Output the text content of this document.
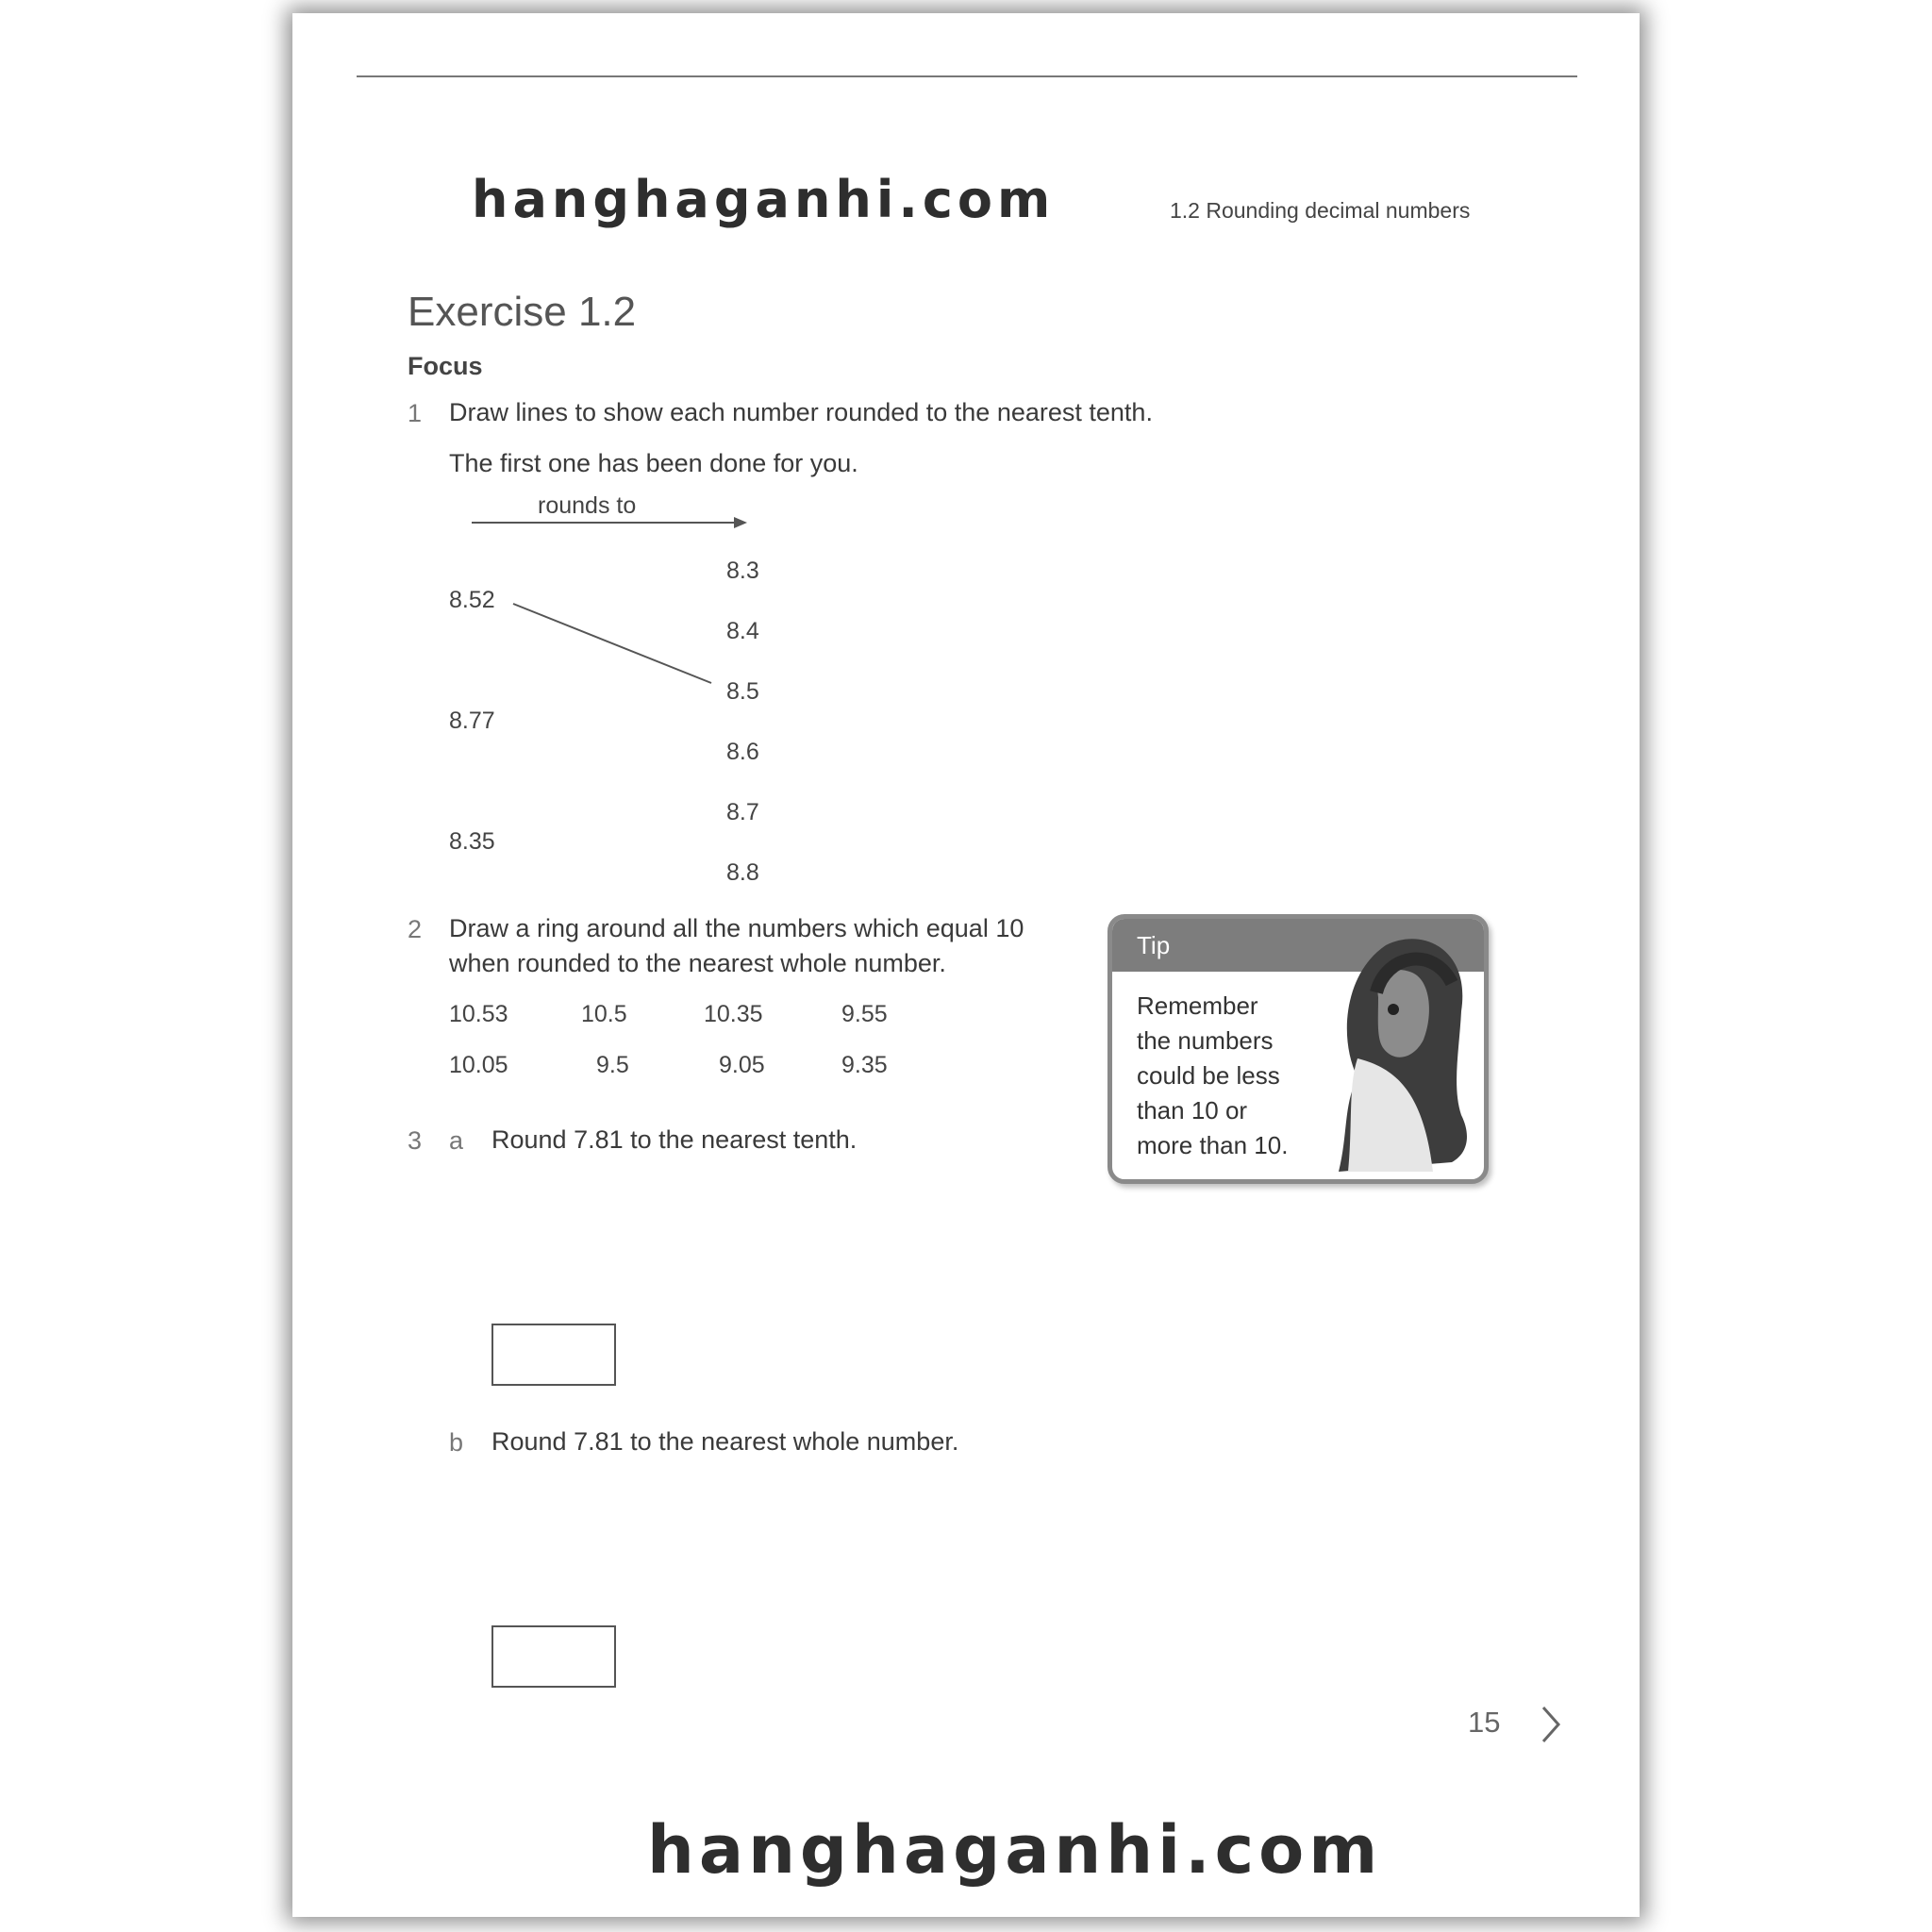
hanghaganhi.com	1.2 Rounding decimal numbers
Exercise 1.2
Focus
1 Draw lines to show each number rounded to the nearest tenth.
The first one has been done for you.
rounds to
8.52
8.77
8.35
8.3
8.4
8.5
8.6
8.7
8.8
2 Draw a ring around all the numbers which equal 10
when rounded to the nearest whole number.
10.53	10.5	10.35	9.55
10.05	9.5	9.05	9.35
Tip
Remember
the numbers
could be less
than 10 or
more than 10.
3 a Round 7.81 to the nearest tenth.
b Round 7.81 to the nearest whole number.
15
hanghaganhi.com
